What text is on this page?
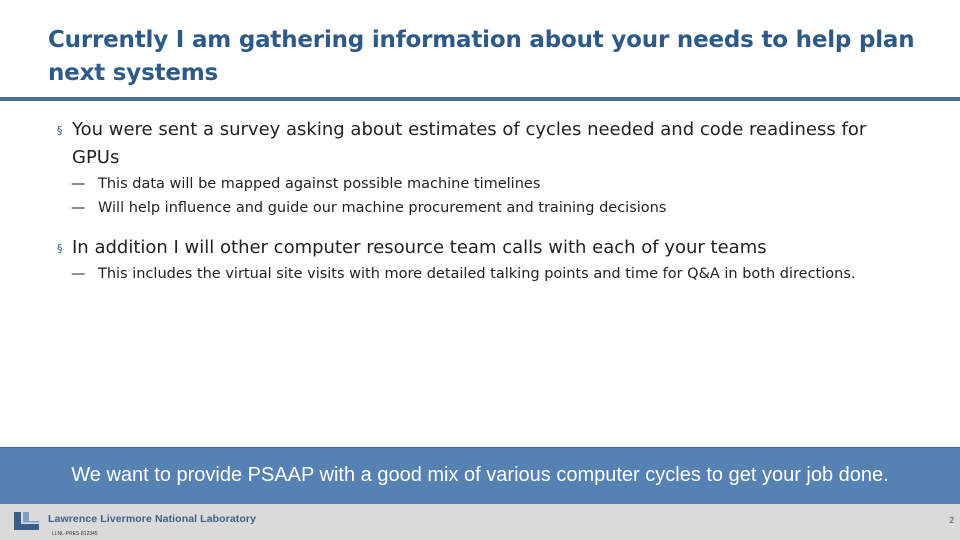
Currently I am gathering information about your needs to help plan next systems
§ You were sent a survey asking about estimates of cycles needed and code readiness for GPUs
— This data will be mapped against possible machine timelines
— Will help influence and guide our machine procurement and training decisions
§ In addition I will other computer resource team calls with each of your teams
— This includes the virtual site visits with more detailed talking points and time for Q&A in both directions.
We want to provide PSAAP with a good mix of various computer cycles to get your job done.
Lawrence Livermore National Laboratory
LLNL-PRES-812345
2
